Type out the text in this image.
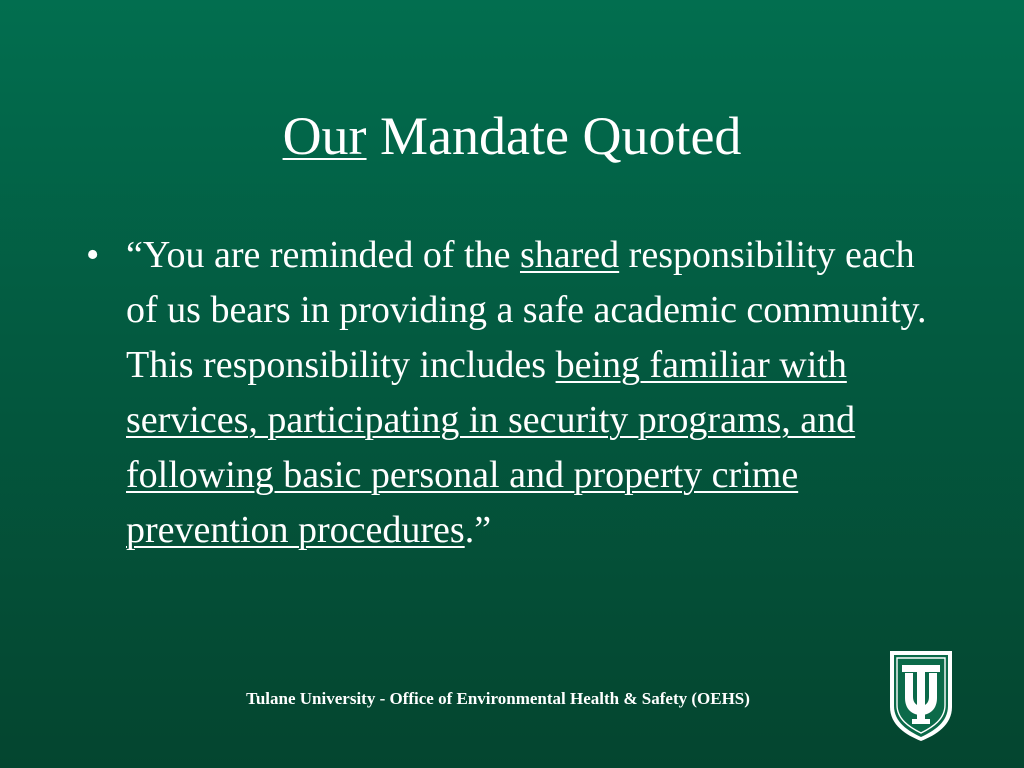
Our Mandate Quoted
• “You are reminded of the shared responsibility each of us bears in providing a safe academic community. This responsibility includes being familiar with services, participating in security programs, and following basic personal and property crime prevention procedures.”
Tulane University - Office of Environmental Health & Safety (OEHS)
